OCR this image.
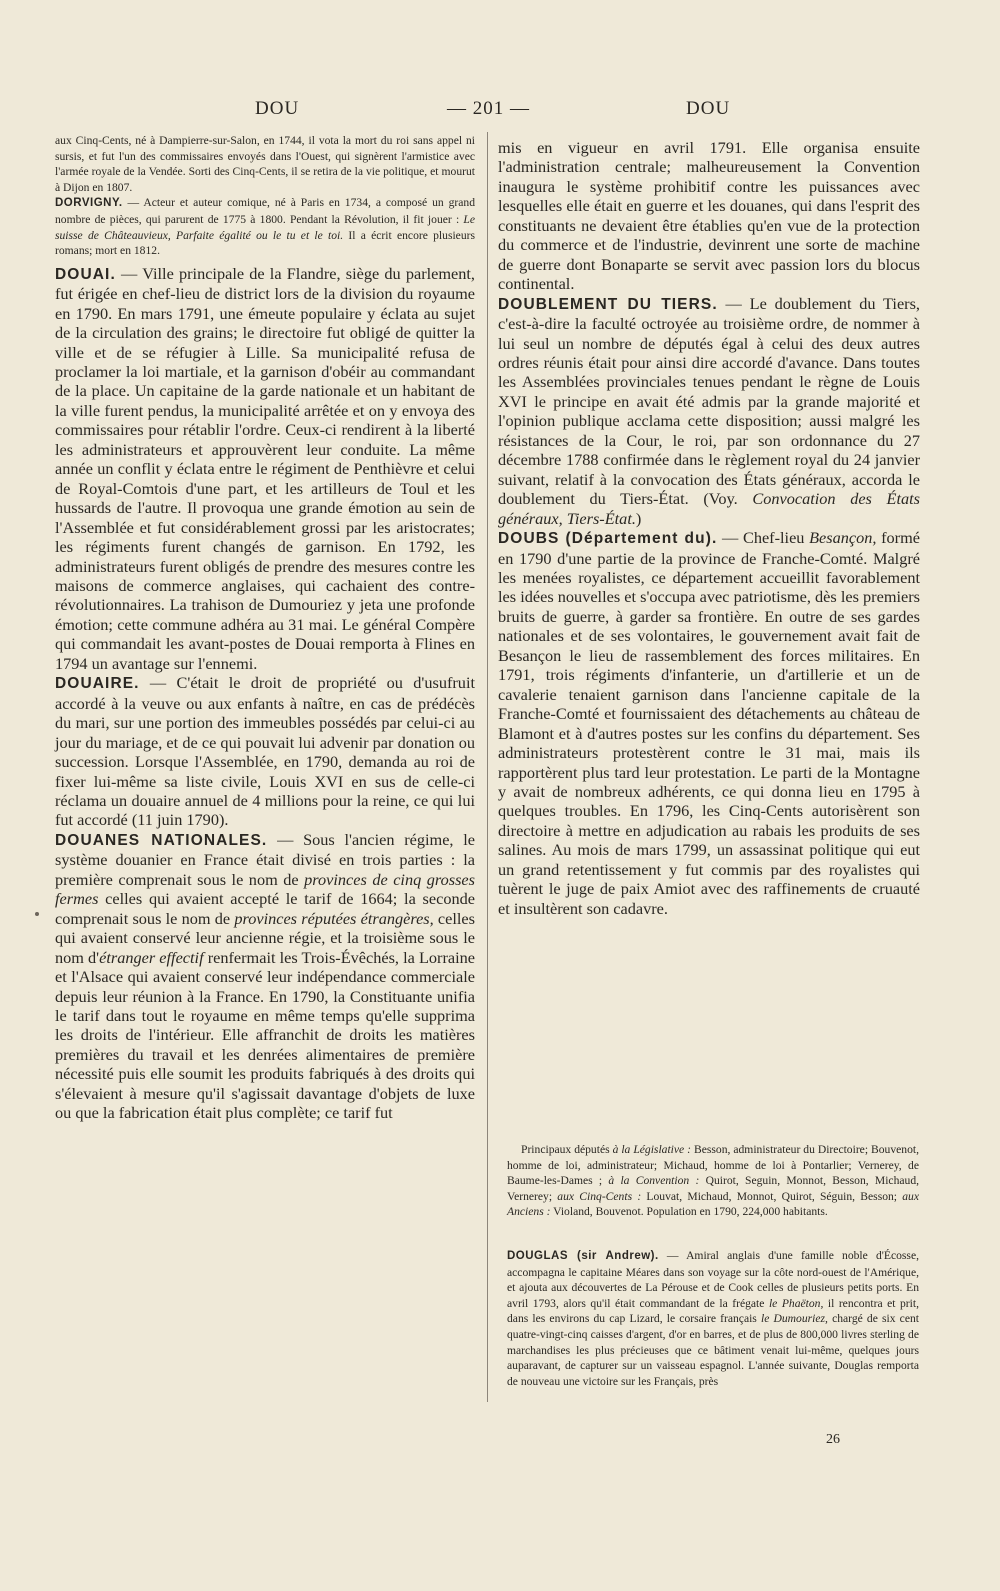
DOU	— 201 —	DOU

aux Cinq-Cents, né à Dampierre-sur-Salon, en 1744, il vota la mort du roi sans appel ni sursis, et fut l'un des commissaires envoyés dans l'Ouest, qui signèrent l'armistice avec l'armée royale de la Vendée. Sorti des Cinq-Cents, il se retira de la vie politique, et mourut à Dijon en 1807.

DORVIGNY. — Acteur et auteur comique, né à Paris en 1734, a composé un grand nombre de pièces, qui parurent de 1775 à 1800. Pendant la Révolution, il fit jouer : Le suisse de Châteauvieux, Parfaite égalité ou le tu et le toi. Il a écrit encore plusieurs romans; mort en 1812.

DOUAI. — Ville principale de la Flandre, siège du parlement, fut érigée en chef-lieu de district lors de la division du royaume en 1790. En mars 1791, une émeute populaire y éclata au sujet de la circulation des grains; le directoire fut obligé de quitter la ville et de se réfugier à Lille. Sa municipalité refusa de proclamer la loi martiale, et la garnison d'obéir au commandant de la place. Un capitaine de la garde nationale et un habitant de la ville furent pendus, la municipalité arrêtée et on y envoya des commissaires pour rétablir l'ordre. Ceux-ci rendirent à la liberté les administrateurs et approuvèrent leur conduite. La même année un conflit y éclata entre le régiment de Penthièvre et celui de Royal-Comtois d'une part, et les artilleurs de Toul et les hussards de l'autre. Il provoqua une grande émotion au sein de l'Assemblée et fut considérablement grossi par les aristocrates; les régiments furent changés de garnison. En 1792, les administrateurs furent obligés de prendre des mesures contre les maisons de commerce anglaises, qui cachaient des contre-révolutionnaires. La trahison de Dumouriez y jeta une profonde émotion; cette commune adhéra au 31 mai. Le général Compère qui commandait les avant-postes de Douai remporta à Flines en 1794 un avantage sur l'ennemi.

DOUAIRE. — C'était le droit de propriété ou d'usufruit accordé à la veuve ou aux enfants à naître, en cas de prédécès du mari, sur une portion des immeubles possédés par celui-ci au jour du mariage, et de ce qui pouvait lui advenir par donation ou succession. Lorsque l'Assemblée, en 1790, demanda au roi de fixer lui-même sa liste civile, Louis XVI en sus de celle-ci réclama un douaire annuel de 4 millions pour la reine, ce qui lui fut accordé (11 juin 1790).

DOUANES NATIONALES. — Sous l'ancien régime, le système douanier en France était divisé en trois parties : la première comprenait sous le nom de provinces de cinq grosses fermes celles qui avaient accepté le tarif de 1664; la seconde comprenait sous le nom de provinces réputées étrangères, celles qui avaient conservé leur ancienne régie, et la troisième sous le nom d'étranger effectif renfermait les Trois-Évêchés, la Lorraine et l'Alsace qui avaient conservé leur indépendance commerciale depuis leur réunion à la France. En 1790, la Constituante unifia le tarif dans tout le royaume en même temps qu'elle supprima les droits de l'intérieur. Elle affranchit de droits les matières premières du travail et les denrées alimentaires de première nécessité puis elle soumit les produits fabriqués à des droits qui s'élevaient à mesure qu'il s'agissait davantage d'objets de luxe ou que la fabrication était plus complète; ce tarif fut

mis en vigueur en avril 1791. Elle organisa ensuite l'administration centrale; malheureusement la Convention inaugura le système prohibitif contre les puissances avec lesquelles elle était en guerre et les douanes, qui dans l'esprit des constituants ne devaient être établies qu'en vue de la protection du commerce et de l'industrie, devinrent une sorte de machine de guerre dont Bonaparte se servit avec passion lors du blocus continental.

DOUBLEMENT DU TIERS. — Le doublement du Tiers, c'est-à-dire la faculté octroyée au troisième ordre, de nommer à lui seul un nombre de députés égal à celui des deux autres ordres réunis était pour ainsi dire accordé d'avance. Dans toutes les Assemblées provinciales tenues pendant le règne de Louis XVI le principe en avait été admis par la grande majorité et l'opinion publique acclama cette disposition; aussi malgré les résistances de la Cour, le roi, par son ordonnance du 27 décembre 1788 confirmée dans le règlement royal du 24 janvier suivant, relatif à la convocation des États généraux, accorda le doublement du Tiers-État. (Voy. Convocation des États généraux, Tiers-État.)

DOUBS (Département du). — Chef-lieu Besançon, formé en 1790 d'une partie de la province de Franche-Comté. Malgré les menées royalistes, ce département accueillit favorablement les idées nouvelles et s'occupa avec patriotisme, dès les premiers bruits de guerre, à garder sa frontière. En outre de ses gardes nationales et de ses volontaires, le gouvernement avait fait de Besançon le lieu de rassemblement des forces militaires. En 1791, trois régiments d'infanterie, un d'artillerie et un de cavalerie tenaient garnison dans l'ancienne capitale de la Franche-Comté et fournissaient des détachements au château de Blamont et à d'autres postes sur les confins du département. Ses administrateurs protestèrent contre le 31 mai, mais ils rapportèrent plus tard leur protestation. Le parti de la Montagne y avait de nombreux adhérents, ce qui donna lieu en 1795 à quelques troubles. En 1796, les Cinq-Cents autorisèrent son directoire à mettre en adjudication au rabais les produits de ses salines. Au mois de mars 1799, un assassinat politique qui eut un grand retentissement y fut commis par des royalistes qui tuèrent le juge de paix Amiot avec des raffinements de cruauté et insultèrent son cadavre.

Principaux députés à la Législative : Besson, administrateur du Directoire; Bouvenot, homme de loi, administrateur; Michaud, homme de loi à Pontarlier; Vernerey, de Baume-les-Dames ; à la Convention : Quirot, Seguin, Monnot, Besson, Michaud, Vernerey; aux Cinq-Cents : Louvat, Michaud, Monnot, Quirot, Séguin, Besson; aux Anciens : Violand, Bouvenot. Population en 1790, 224,000 habitants.

DOUGLAS (sir Andrew). — Amiral anglais d'une famille noble d'Écosse, accompagna le capitaine Méares dans son voyage sur la côte nord-ouest de l'Amérique, et ajouta aux découvertes de La Pérouse et de Cook celles de plusieurs petits ports. En avril 1793, alors qu'il était commandant de la frégate le Phaëton, il rencontra et prit, dans les environs du cap Lizard, le corsaire français le Dumouriez, chargé de six cent quatre-vingt-cinq caisses d'argent, d'or en barres, et de plus de 800,000 livres sterling de marchandises les plus précieuses que ce bâtiment venait lui-même, quelques jours auparavant, de capturer sur un vaisseau espagnol. L'année suivante, Douglas remporta de nouveau une victoire sur les Français, près

26
